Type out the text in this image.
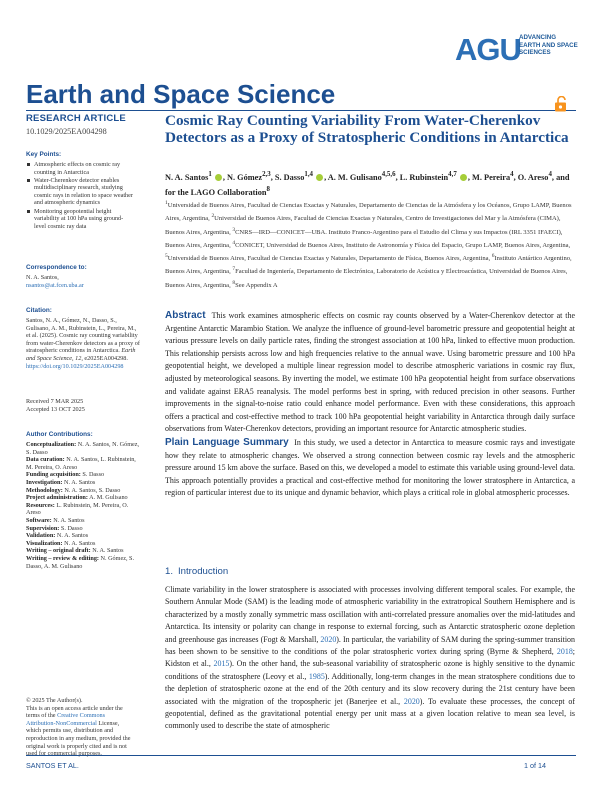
AGU
ADVANCING EARTH AND SPACE SCIENCES
Earth and Space Science
RESEARCH ARTICLE
10.1029/2025EA004298
Key Points:
Atmospheric effects on cosmic ray counting in Antarctica
Water-Cherenkov detector enables multidisciplinary research, studying cosmic rays in relation to space weather and atmospheric dynamics
Monitoring geopotential height variability at 100 hPa using ground-level cosmic ray data
Correspondence to:
N. A. Santos,
nsantos@at.fcen.uba.ar
Citation:
Santos, N. A., Gómez, N., Dasso, S., Gulisano, A. M., Rubinstein, L., Pereira, M., et al. (2025). Cosmic ray counting variability from water-Cherenkov detectors as a proxy of stratospheric conditions in Antarctica. Earth and Space Science, 12, e2025EA004298. https://doi.org/10.1029/2025EA004298
Received 7 MAR 2025
Accepted 13 OCT 2025
Author Contributions:
Conceptualization: N. A. Santos, N. Gómez, S. Dasso
Data curation: N. A. Santos, L. Rubinstein, M. Pereira, O. Areso
Funding acquisition: S. Dasso
Investigation: N. A. Santos
Methodology: N. A. Santos, S. Dasso
Project administration: A. M. Gulisano
Resources: L. Rubinstein, M. Pereira, O. Areso
Software: N. A. Santos
Supervision: S. Dasso
Validation: N. A. Santos
Visualization: N. A. Santos
Writing – original draft: N. A. Santos
Writing – review & editing: N. Gómez, S. Dasso, A. M. Gulisano
© 2025 The Author(s).
This is an open access article under the terms of the Creative Commons Attribution-NonCommercial License, which permits use, distribution and reproduction in any medium, provided the original work is properly cited and is not used for commercial purposes.
Cosmic Ray Counting Variability From Water-Cherenkov Detectors as a Proxy of Stratospheric Conditions in Antarctica
N. A. Santos$^1$ , N. Gómez$^{2,3}$, S. Dasso$^{1,4}$ , A. M. Gulisano$^{4,5,6}$, L. Rubinstein$^{4,7}$ , M. Pereira$^4$, O. Areso$^4$, and for the LAGO Collaboration$^8$
$^1$Universidad de Buenos Aires, Facultad de Ciencias Exactas y Naturales, Departamento de Ciencias de la Atmósfera y los Océanos, Grupo LAMP, Buenos Aires, Argentina, $^2$Universidad de Buenos Aires, Facultad de Ciencias Exactas y Naturales, Centro de Investigaciones del Mar y la Atmósfera (CIMA), Buenos Aires, Argentina, $^3$CNRS—IRD—CONICET—UBA. Instituto Franco-Argentino para el Estudio del Clima y sus Impactos (IRL 3351 IFAECI), Buenos Aires, Argentina, $^4$CONICET, Universidad de Buenos Aires, Instituto de Astronomía y Física del Espacio, Grupo LAMP, Buenos Aires, Argentina, $^5$Universidad de Buenos Aires, Facultad de Ciencias Exactas y Naturales, Departamento de Física, Buenos Aires, Argentina, $^6$Instituto Antártico Argentino, Buenos Aires, Argentina, $^7$Facultad de Ingeniería, Departamento de Electrónica, Laboratorio de Acústica y Electroacústica, Universidad de Buenos Aires, Buenos Aires, Argentina, $^8$See Appendix A
Abstract This work examines atmospheric effects on cosmic ray counts observed by a Water-Cherenkov detector at the Argentine Antarctic Marambio Station. We analyze the influence of ground-level barometric pressure and geopotential height at various pressure levels on daily particle rates, finding the strongest association at 100 hPa, linked to effective muon production. This relationship persists across low and high frequencies relative to the annual wave. Using barometric pressure and 100 hPa geopotential height, we developed a multiple linear regression model to describe atmospheric variations in cosmic ray flux, adjusted by meteorological seasons. By inverting the model, we estimate 100 hPa geopotential height from surface observations and validate against ERA5 reanalysis. The model performs best in spring, with reduced precision in other seasons. Further improvements in the signal-to-noise ratio could enhance model performance. Even with these considerations, this approach offers a practical and cost-effective method to track 100 hPa geopotential height variability in Antarctica through daily surface observations from Water-Cherenkov detectors, providing an important resource for Antarctic atmospheric studies.
Plain Language Summary In this study, we used a detector in Antarctica to measure cosmic rays and investigate how they relate to atmospheric changes. We observed a strong connection between cosmic ray levels and the atmospheric pressure around 15 km above the surface. Based on this, we developed a model to estimate this variable using ground-level data. This approach potentially provides a practical and cost-effective method for monitoring the lower stratosphere in Antarctica, a region of particular interest due to its unique and dynamic behavior, which plays a critical role in global atmospheric processes.
1. Introduction
Climate variability in the lower stratosphere is associated with processes involving different temporal scales. For example, the Southern Annular Mode (SAM) is the leading mode of atmospheric variability in the extratropical Southern Hemisphere and is characterized by a mostly zonally symmetric mass oscillation with anti-correlated pressure anomalies over the mid-latitudes and Antarctica. Its intensity or polarity can change in response to external forcing, such as Antarctic stratospheric ozone depletion and greenhouse gas increases (Fogt & Marshall, 2020). In particular, the variability of SAM during the spring-summer transition has been shown to be sensitive to the conditions of the polar stratospheric vortex during spring (Byrne & Shepherd, 2018; Kidston et al., 2015). On the other hand, the sub-seasonal variability of stratospheric ozone is highly sensitive to the dynamic conditions of the stratosphere (Leovy et al., 1985). Additionally, long-term changes in the mean stratosphere conditions due to the depletion of stratospheric ozone at the end of the 20th century and its slow recovery during the 21st century have been associated with the migration of the tropospheric jet (Banerjee et al., 2020). To evaluate these processes, the concept of geopotential, defined as the gravitational potential energy per unit mass at a given location relative to mean sea level, is commonly used to describe the state of atmospheric
SANTOS ET AL.	1 of 14
